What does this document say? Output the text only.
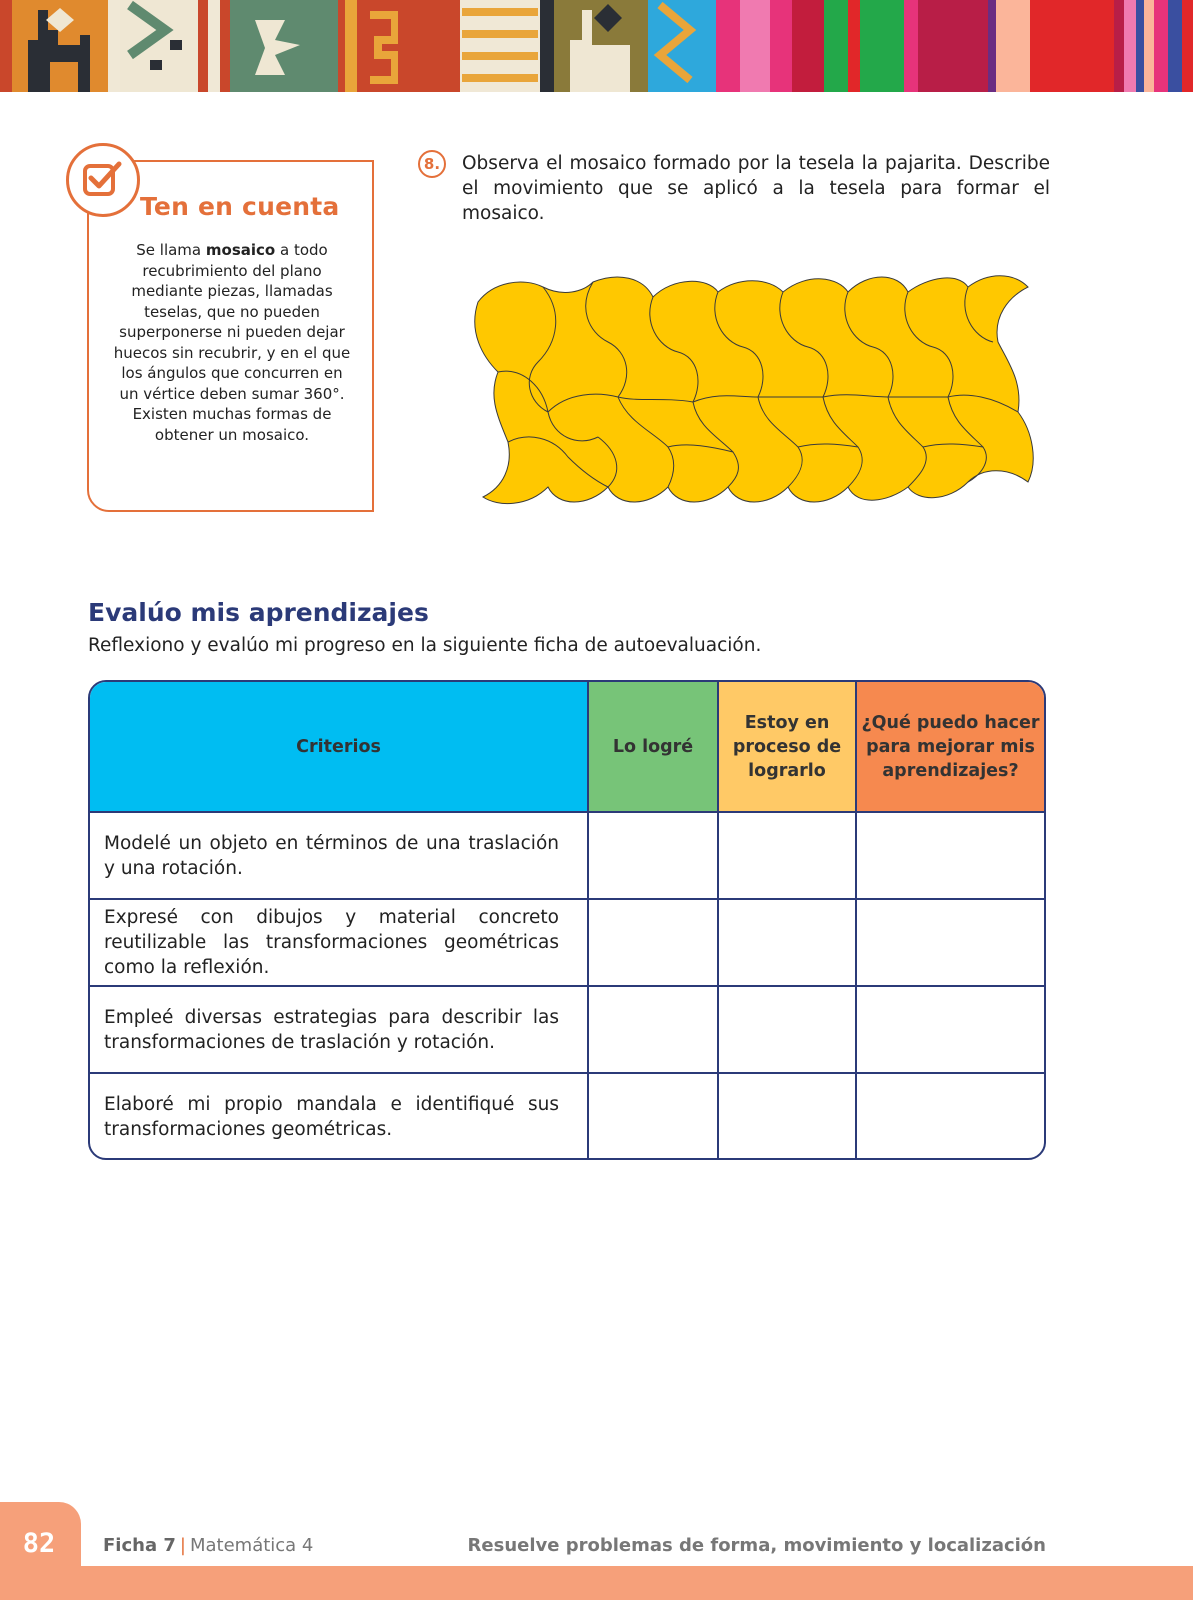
Ten en cuenta
Se llama mosaico a todo recubrimiento del plano mediante piezas, llamadas teselas, que no pueden superponerse ni pueden dejar huecos sin recubrir, y en el que los ángulos que concurren en un vértice deben sumar 360°. Existen muchas formas de obtener un mosaico.
8.	Observa el mosaico formado por la tesela la pajarita. Describe el movimiento que se aplicó a la tesela para formar el mosaico.
Evalúo mis aprendizajes
Reflexiono y evalúo mi progreso en la siguiente ficha de autoevaluación.
Criterios	Lo logré	Estoy en proceso de lograrlo	¿Qué puedo hacer para mejorar mis aprendizajes?
Modelé un objeto en términos de una traslación y una rotación.			
Expresé con dibujos y material concreto reutilizable las transformaciones geométricas como la reflexión.			
Empleé diversas estrategias para describir las transformaciones de traslación y rotación.			
Elaboré mi propio mandala e identifiqué sus transformaciones geométricas.			
82	Ficha 7 | Matemática 4	Resuelve problemas de forma, movimiento y localización
